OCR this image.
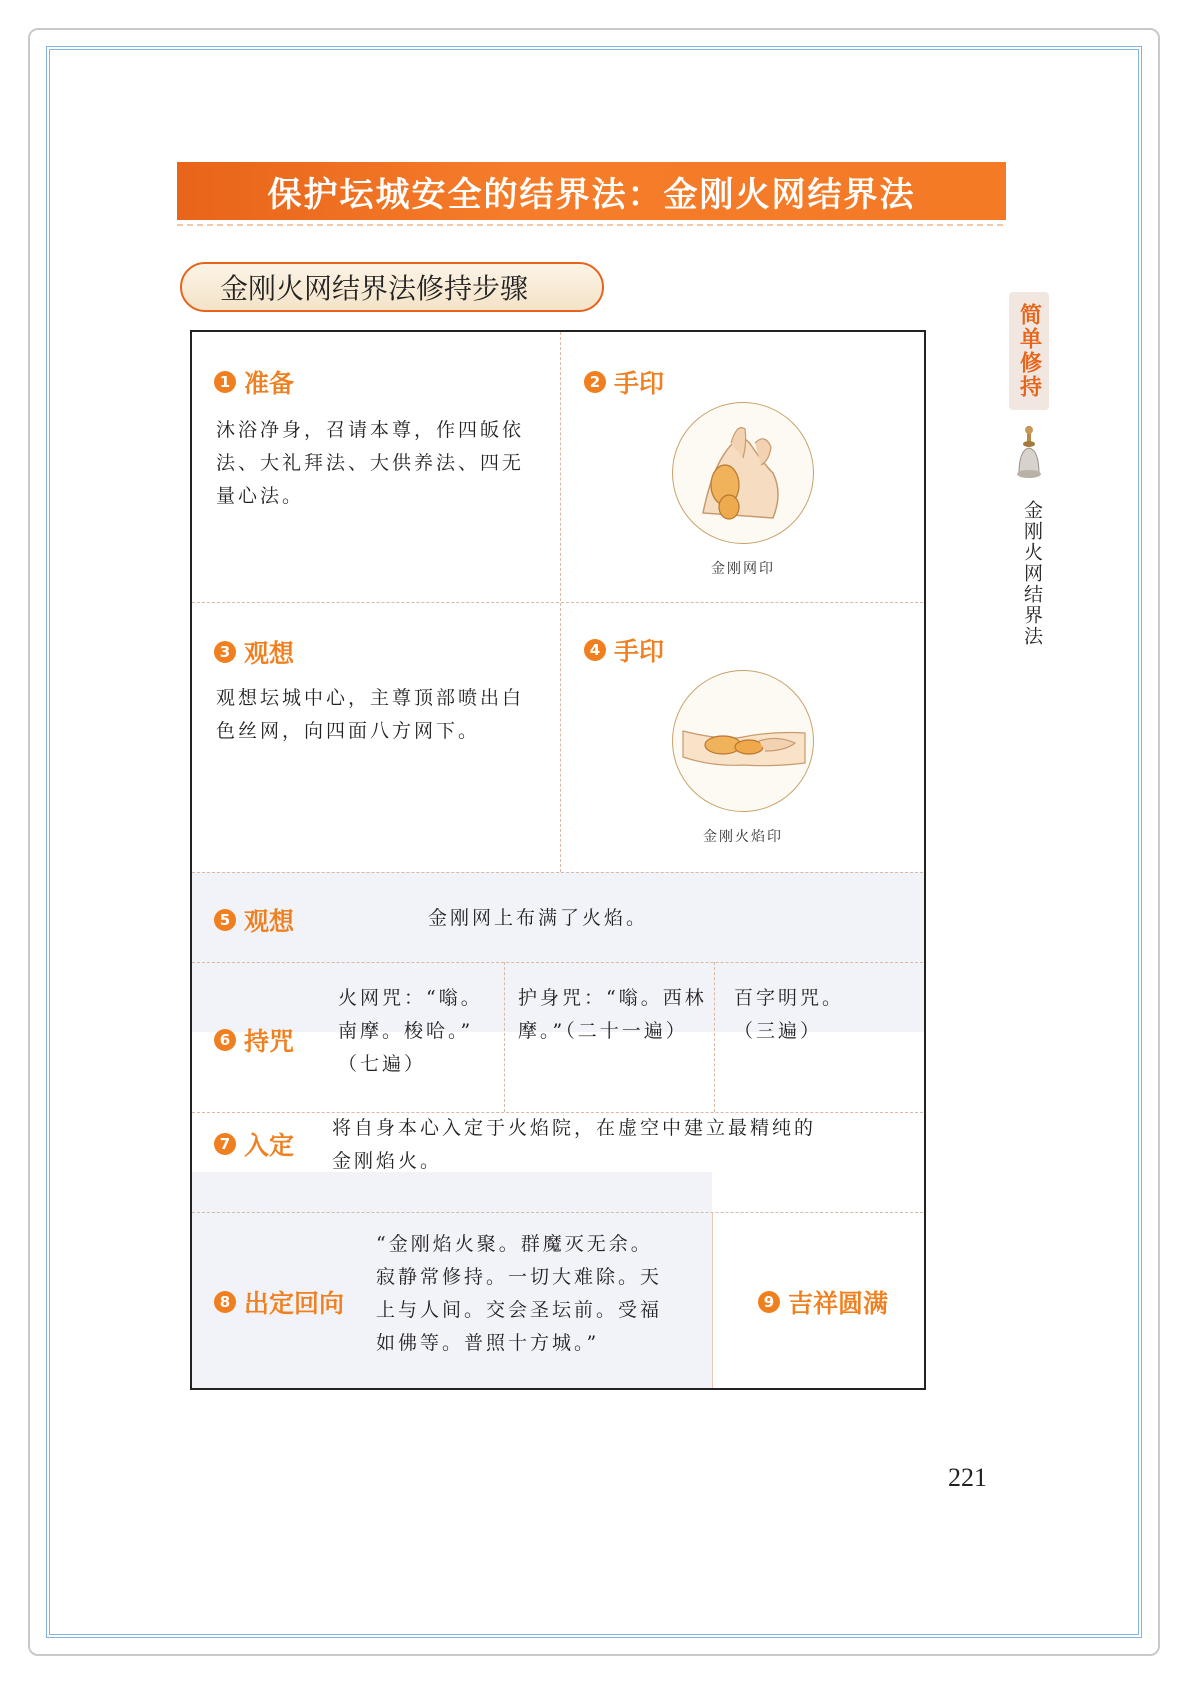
保护坛城安全的结界法：金刚火网结界法
金刚火网结界法修持步骤
简单修持
金刚火网结界法
1 准备
沐浴净身，召请本尊，作四皈依
法、大礼拜法、大供养法、四无
量心法。
2 手印
金刚网印
3 观想
观想坛城中心，主尊顶部喷出白
色丝网，向四面八方网下。
4 手印
金刚火焰印
5 观想	金刚网上布满了火焰。
6 持咒
火网咒：“嗡。
南摩。梭哈。”
（七遍）
护身咒：“嗡。西林
摩。”（二十一遍）
百字明咒。
（三遍）
7 入定
将自身本心入定于火焰院，在虚空中建立最精纯的
金刚焰火。
8 出定回向
“金刚焰火聚。群魔灭无余。
寂静常修持。一切大难除。天
上与人间。交会圣坛前。受福
如佛等。普照十方城。”
9 吉祥圆满
221
